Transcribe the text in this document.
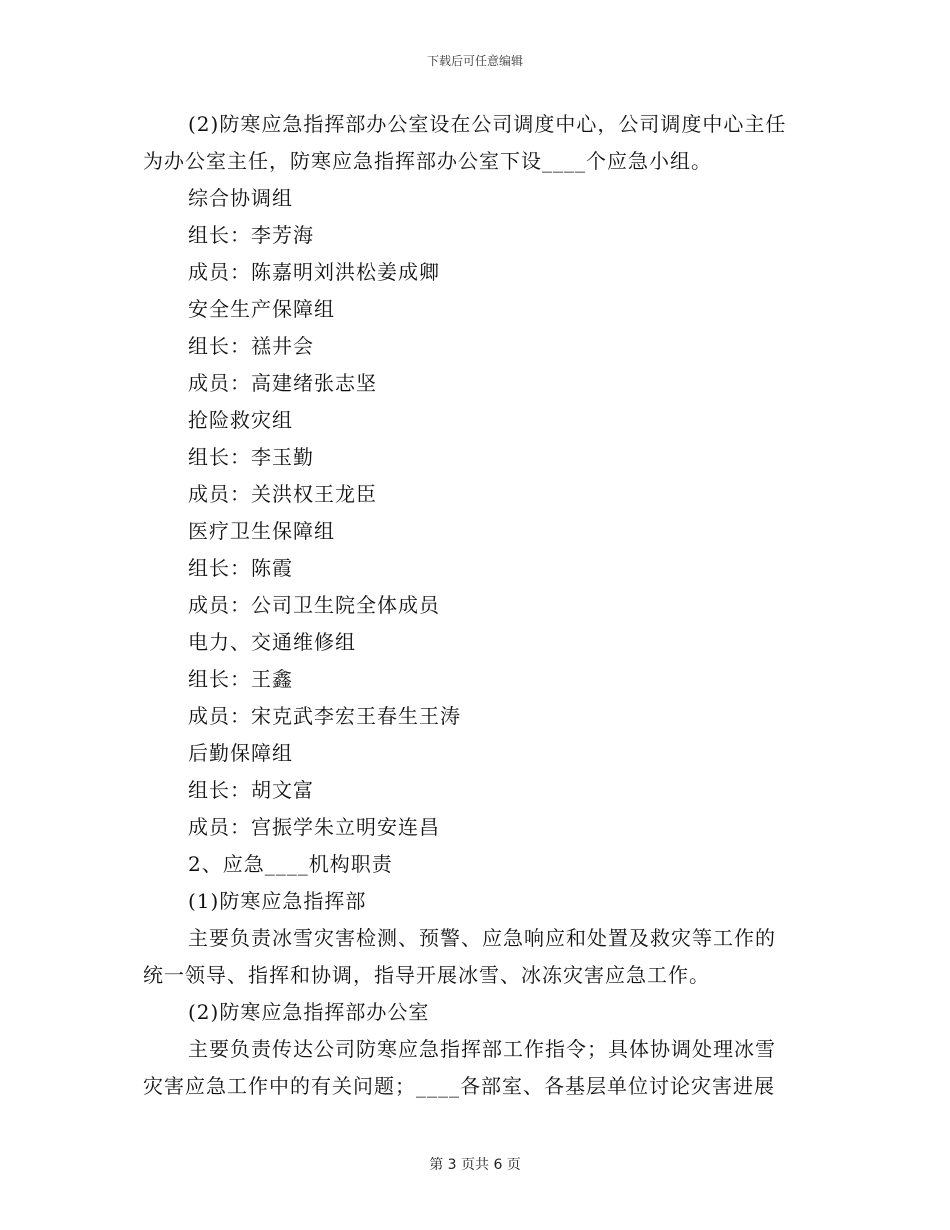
下载后可任意编辑
(2)防寒应急指挥部办公室设在公司调度中心，公司调度中心主任
为办公室主任，防寒应急指挥部办公室下设____个应急小组。
综合协调组
组长：李芳海
成员：陈嘉明刘洪松姜成卿
安全生产保障组
组长：禚井会
成员：高建绪张志坚
抢险救灾组
组长：李玉勤
成员：关洪权王龙臣
医疗卫生保障组
组长：陈霞
成员：公司卫生院全体成员
电力、交通维修组
组长：王鑫
成员：宋克武李宏王春生王涛
后勤保障组
组长：胡文富
成员：宫振学朱立明安连昌
2、应急____机构职责
(1)防寒应急指挥部
主要负责冰雪灾害检测、预警、应急响应和处置及救灾等工作的
统一领导、指挥和协调，指导开展冰雪、冰冻灾害应急工作。
(2)防寒应急指挥部办公室
主要负责传达公司防寒应急指挥部工作指令；具体协调处理冰雪
灾害应急工作中的有关问题；____各部室、各基层单位讨论灾害进展
第 3 页共 6 页
